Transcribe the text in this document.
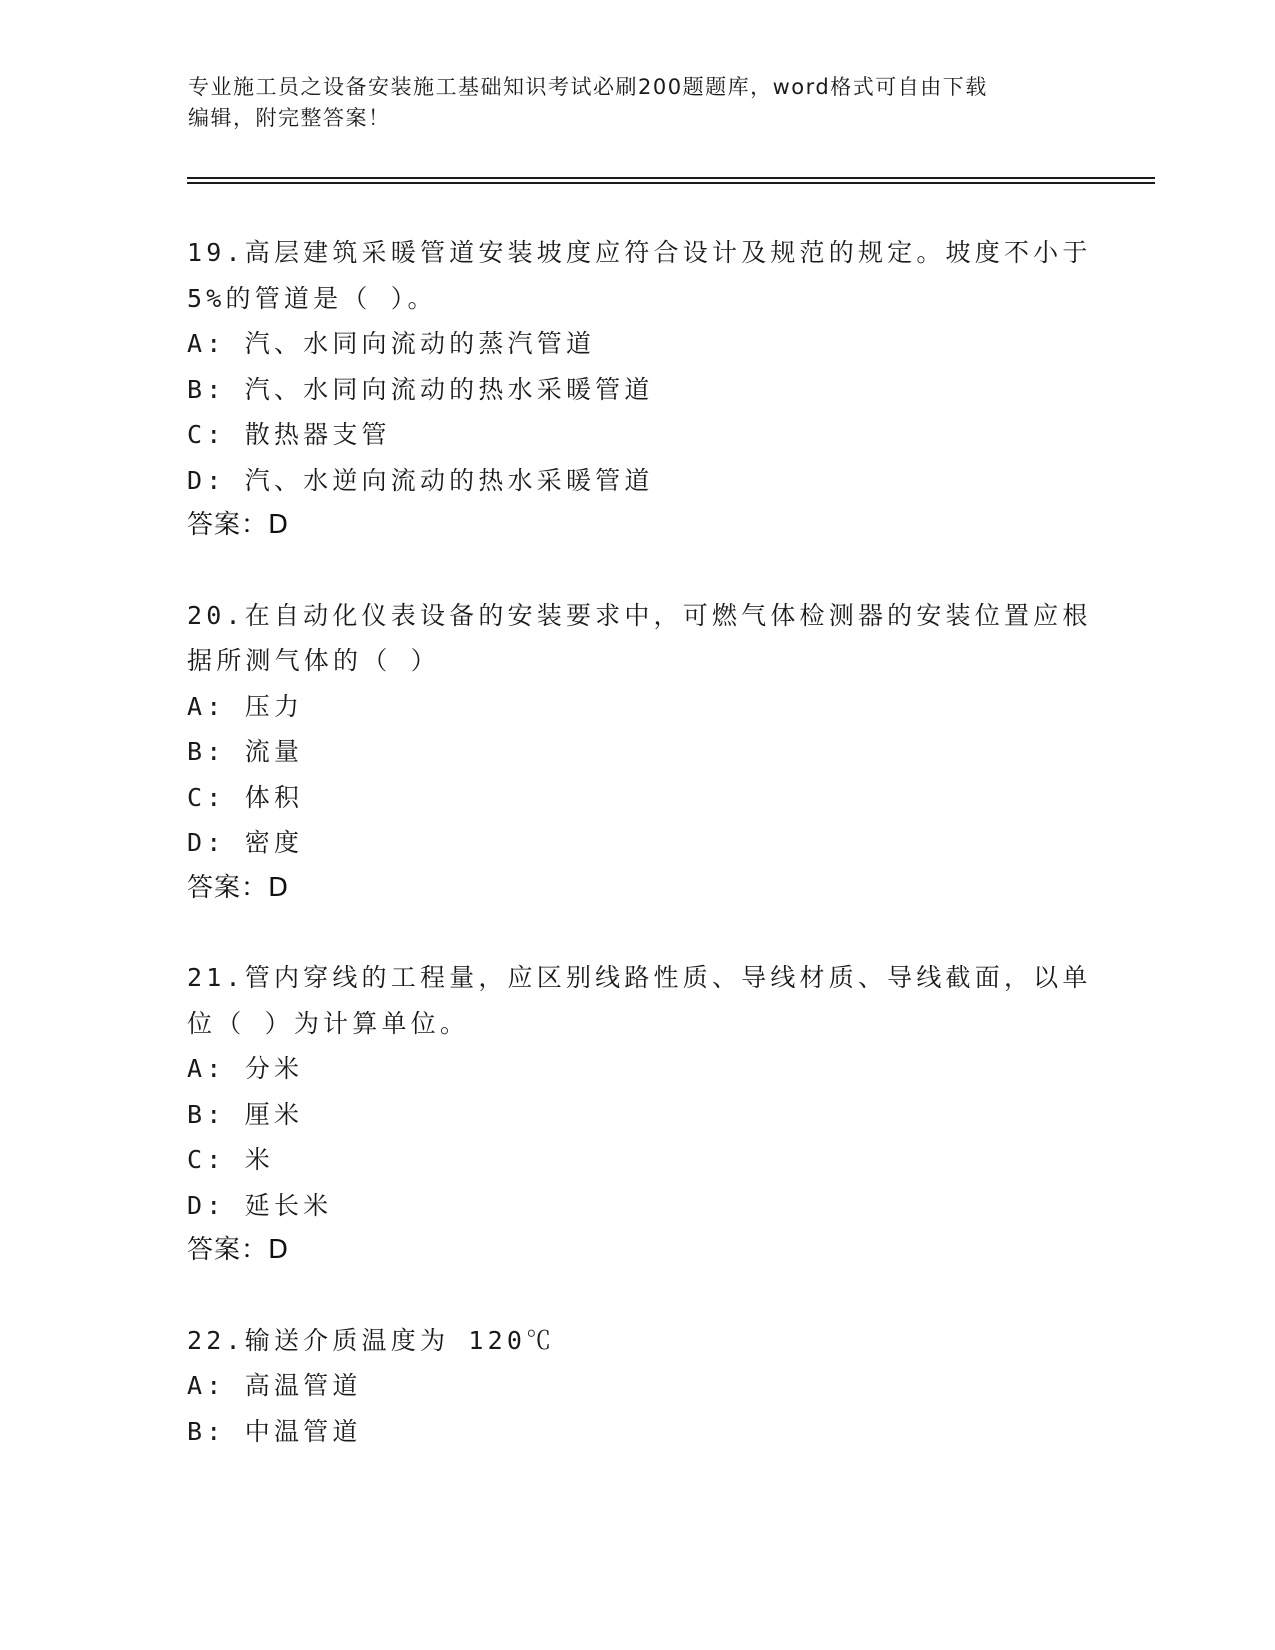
专业施工员之设备安装施工基础知识考试必刷200题题库，word格式可自由下载
编辑，附完整答案！
19.高层建筑采暖管道安装坡度应符合设计及规范的规定。坡度不小于
5%的管道是（ ）。
A: 汽、水同向流动的蒸汽管道
B: 汽、水同向流动的热水采暖管道
C: 散热器支管
D: 汽、水逆向流动的热水采暖管道
答案：D
20.在自动化仪表设备的安装要求中，可燃气体检测器的安装位置应根
据所测气体的（ ）
A: 压力
B: 流量
C: 体积
D: 密度
答案：D
21.管内穿线的工程量，应区别线路性质、导线材质、导线截面，以单
位（ ）为计算单位。
A: 分米
B: 厘米
C: 米
D: 延长米
答案：D
22.输送介质温度为 120℃
A: 高温管道
B: 中温管道
